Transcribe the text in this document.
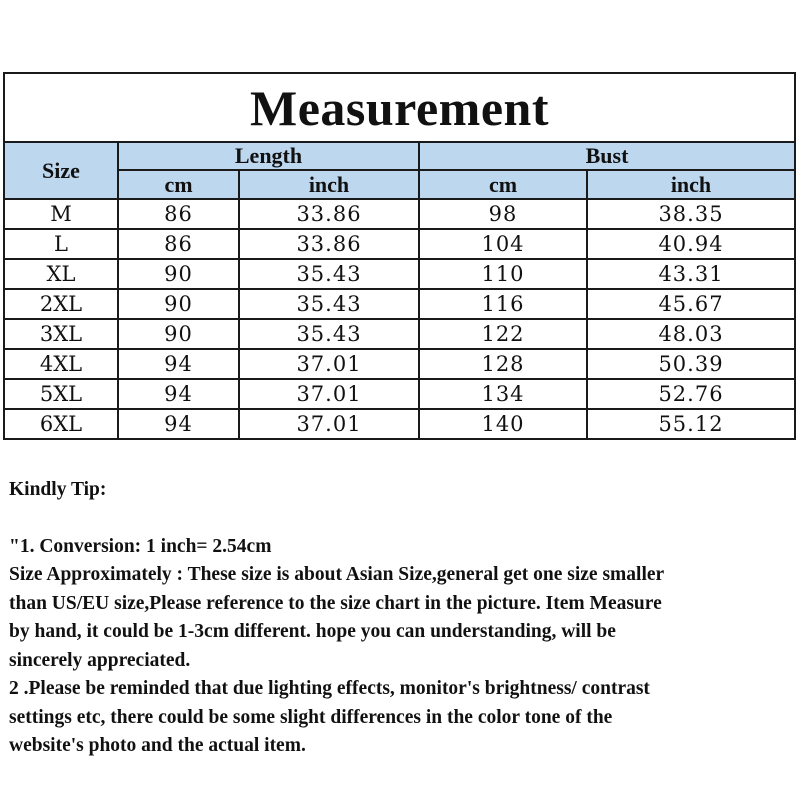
Measurement				
Size	Length		Bust	
	cm	inch	cm	inch
M	86	33.86	98	38.35
L	86	33.86	104	40.94
XL	90	35.43	110	43.31
2XL	90	35.43	116	45.67
3XL	90	35.43	122	48.03
4XL	94	37.01	128	50.39
5XL	94	37.01	134	52.76
6XL	94	37.01	140	55.12

Kindly Tip:

"1. Conversion: 1 inch= 2.54cm

Size Approximately : These size is about Asian Size,general get one size smaller

than US/EU size,Please reference to the size chart in the picture. Item Measure

by hand, it could be 1-3cm different. hope you can understanding, will be

sincerely appreciated.

2 .Please be reminded that due lighting effects, monitor's brightness/ contrast

settings etc, there could be some slight differences in the color tone of the

website's photo and the actual item.
